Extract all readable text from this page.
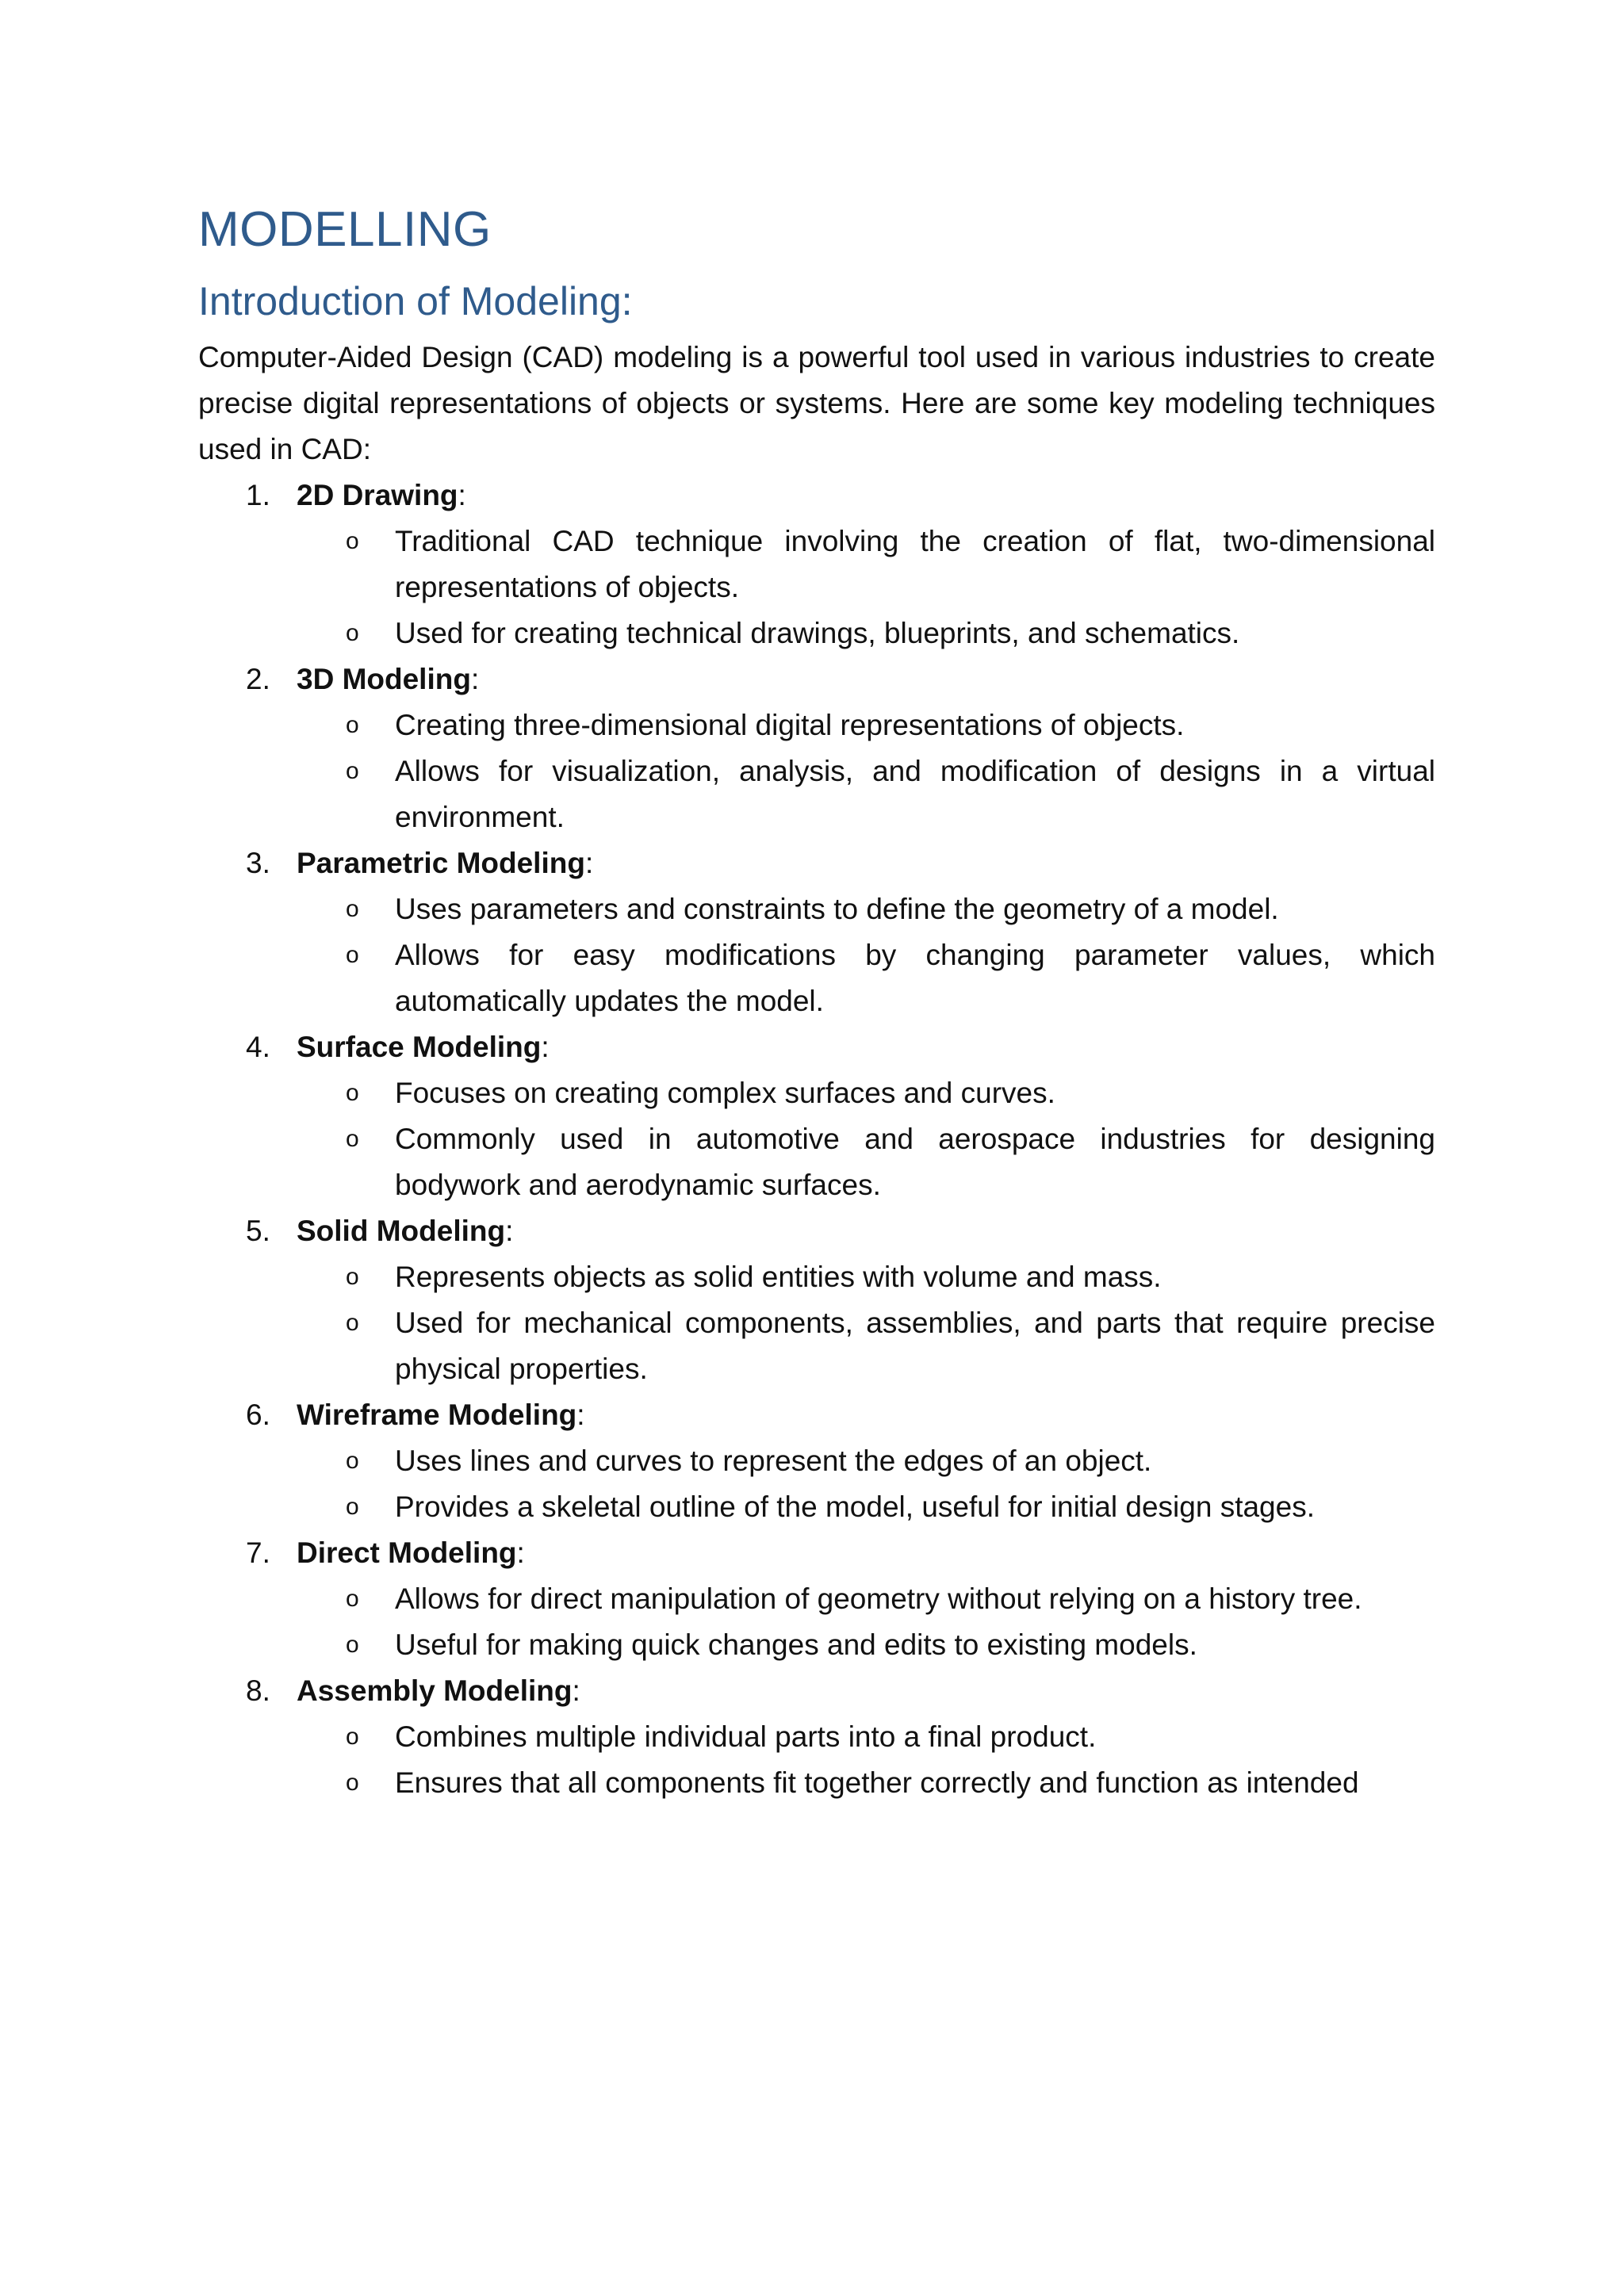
MODELLING
Introduction of Modeling:

Computer-Aided Design (CAD) modeling is a powerful tool used in various industries to create precise digital representations of objects or systems. Here are some key modeling techniques used in CAD:

1. 2D Drawing:
o Traditional CAD technique involving the creation of flat, two-dimensional representations of objects.
o Used for creating technical drawings, blueprints, and schematics.
2. 3D Modeling:
o Creating three-dimensional digital representations of objects.
o Allows for visualization, analysis, and modification of designs in a virtual environment.
3. Parametric Modeling:
o Uses parameters and constraints to define the geometry of a model.
o Allows for easy modifications by changing parameter values, which automatically updates the model.
4. Surface Modeling:
o Focuses on creating complex surfaces and curves.
o Commonly used in automotive and aerospace industries for designing bodywork and aerodynamic surfaces.
5. Solid Modeling:
o Represents objects as solid entities with volume and mass.
o Used for mechanical components, assemblies, and parts that require precise physical properties.
6. Wireframe Modeling:
o Uses lines and curves to represent the edges of an object.
o Provides a skeletal outline of the model, useful for initial design stages.
7. Direct Modeling:
o Allows for direct manipulation of geometry without relying on a history tree.
o Useful for making quick changes and edits to existing models.
8. Assembly Modeling:
o Combines multiple individual parts into a final product.
o Ensures that all components fit together correctly and function as intended
